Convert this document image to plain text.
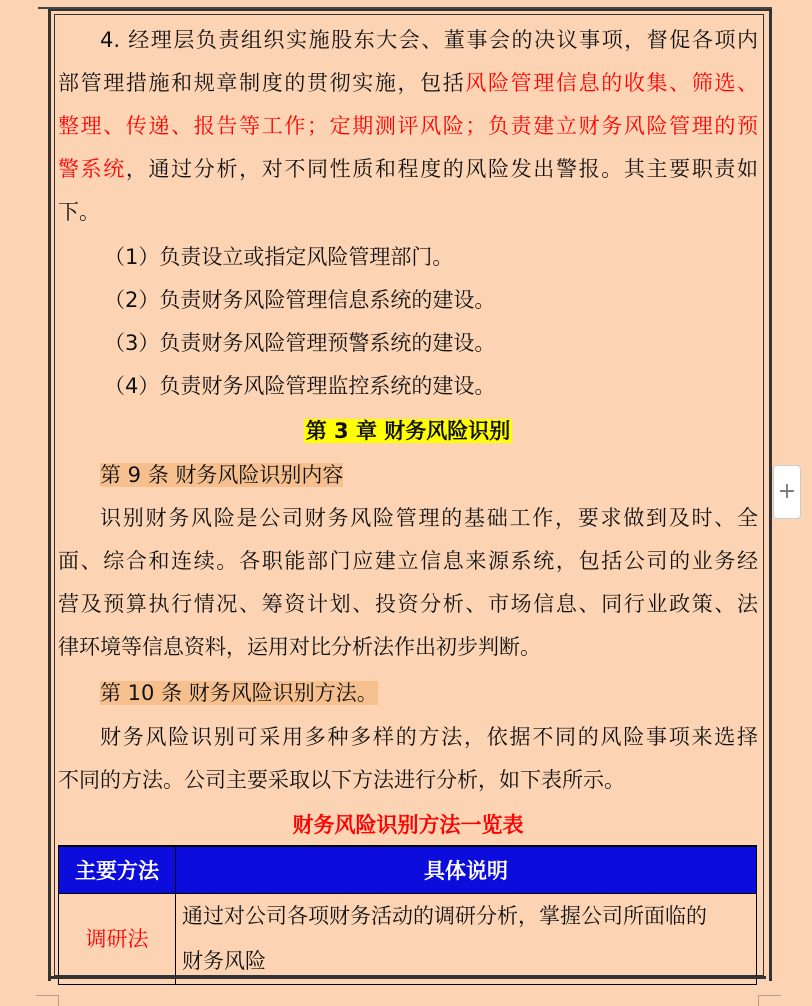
4. 经理层负责组织实施股东大会、董事会的决议事项，督促各项内
部管理措施和规章制度的贯彻实施，包括风险管理信息的收集、筛选、
整理、传递、报告等工作；定期测评风险；负责建立财务风险管理的预
警系统，通过分析，对不同性质和程度的风险发出警报。其主要职责如
下。
（1）负责设立或指定风险管理部门。
（2）负责财务风险管理信息系统的建设。
（3）负责财务风险管理预警系统的建设。
（4）负责财务风险管理监控系统的建设。
第 3 章 财务风险识别
第 9 条 财务风险识别内容
识别财务风险是公司财务风险管理的基础工作，要求做到及时、全
面、综合和连续。各职能部门应建立信息来源系统，包括公司的业务经
营及预算执行情况、筹资计划、投资分析、市场信息、同行业政策、法
律环境等信息资料，运用对比分析法作出初步判断。
第 10 条 财务风险识别方法。
财务风险识别可采用多种多样的方法，依据不同的风险事项来选择
不同的方法。公司主要采取以下方法进行分析，如下表所示。
财务风险识别方法一览表
主要方法	具体说明
调研法	通过对公司各项财务活动的调研分析，掌握公司所面临的
财务风险
+
